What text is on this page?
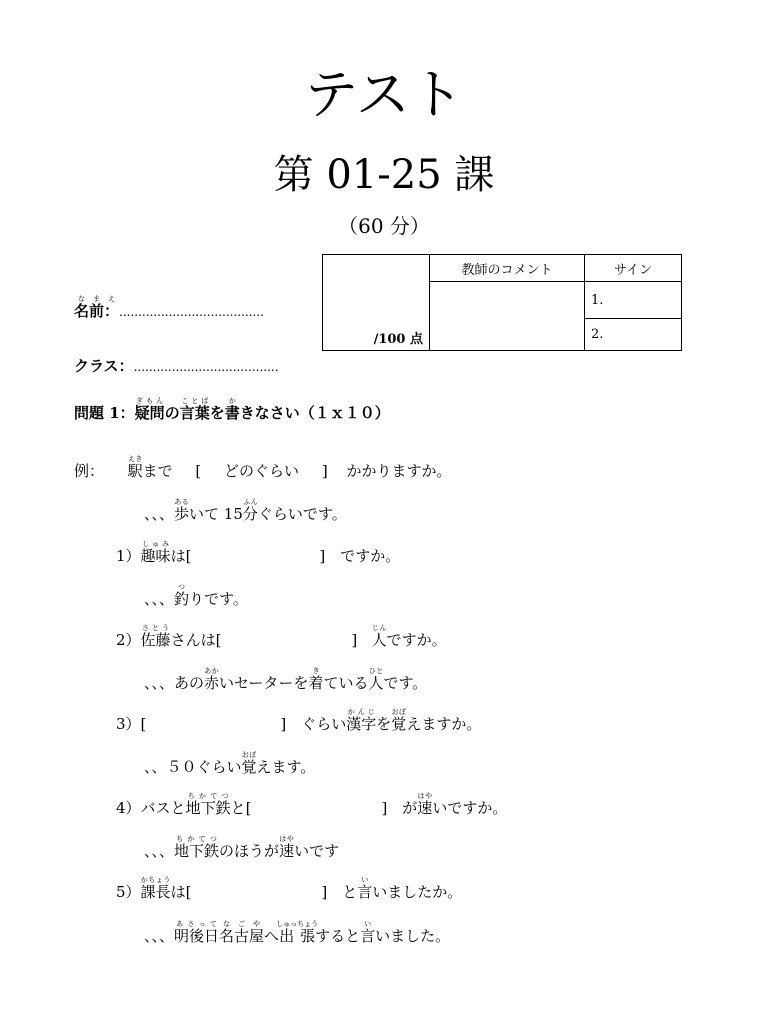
テスト
第 01-25 課
（60 分）
/100 点	教師のコメント	サイン
		1.
		2.
名前：なまえ......................................
クラス：......................................
問題 1：疑問ぎもんの言葉ことばを書かきなさい（１ｘ１０）
例： 駅えきまで [ どのぐらい ] かかりますか。
、、、歩あるいて 15分ふんぐらいです。
1）趣味しゅみは[	]　ですか。
、、、釣つりです。
2）佐藤さとうさんは[	] 人じんですか。
、、、あの赤あかいセーターを着きている人ひとです。
3）[	]　ぐらい漢字かんじを覚おぼえますか。
、、５０ぐらい覚おぼえます。
4）バスと地下鉄ちかてつと[	]　が速はやいですか。
、、、地下鉄ちかてつのほうが速はやいです
5）課長かちょうは[	]　と言いいましたか。
、、、明後日あさって名古屋なごやへ出張しゅっちょうすると言いいました。
